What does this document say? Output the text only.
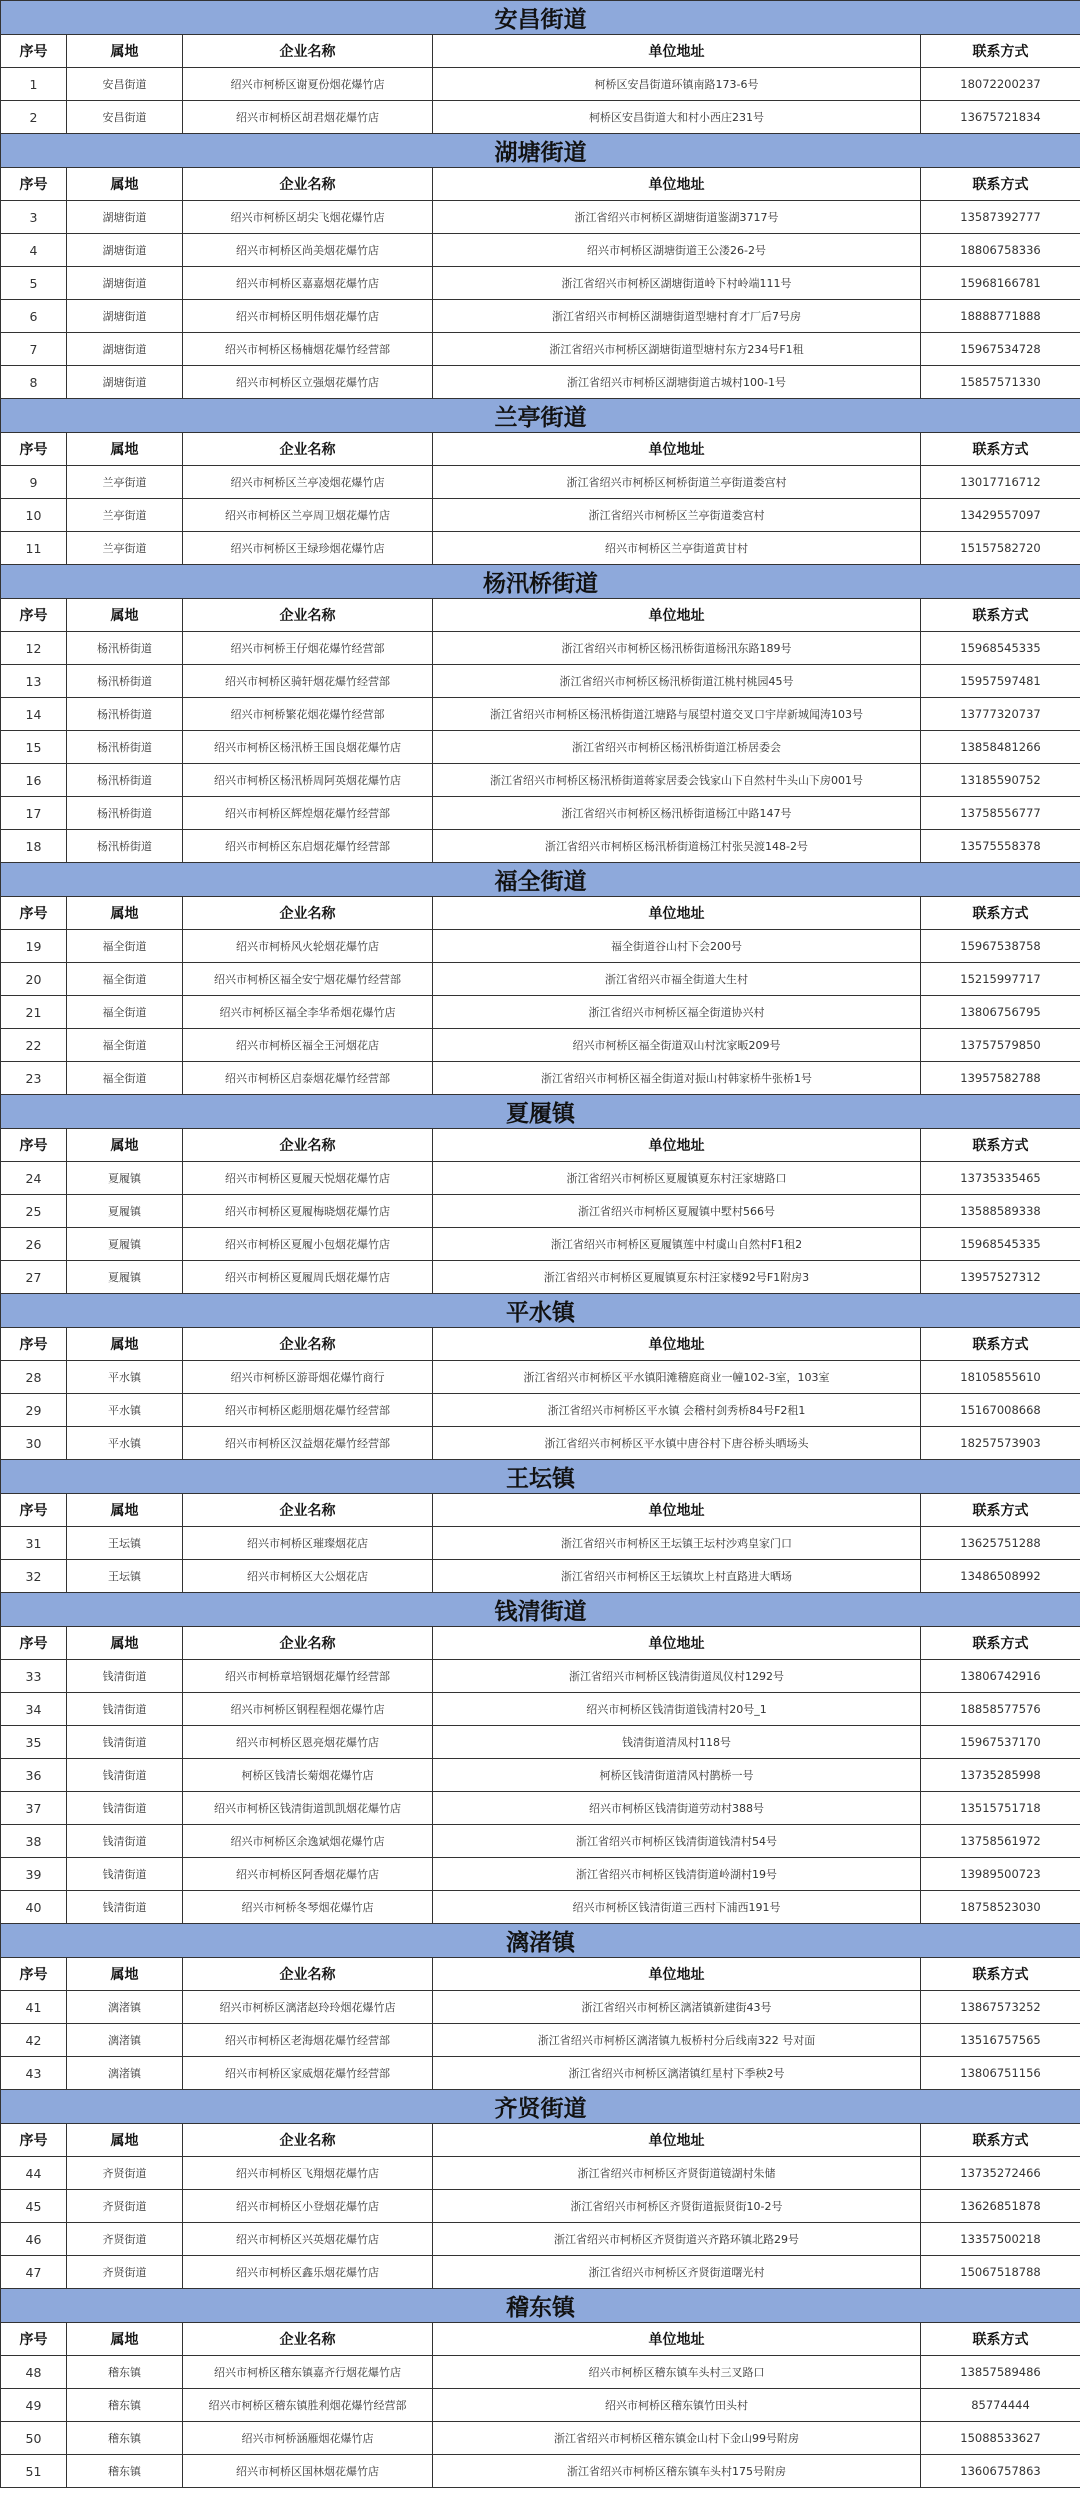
安昌街道				
序号	属地	企业名称	单位地址	联系方式
1	安昌街道	绍兴市柯桥区谢夏份烟花爆竹店	柯桥区安昌街道环镇南路173-6号	18072200237
2	安昌街道	绍兴市柯桥区胡君烟花爆竹店	柯桥区安昌街道大和村小西庄231号	13675721834
湖塘街道				
序号	属地	企业名称	单位地址	联系方式
3	湖塘街道	绍兴市柯桥区胡尖飞烟花爆竹店	浙江省绍兴市柯桥区湖塘街道鉴湖3717号	13587392777
4	湖塘街道	绍兴市柯桥区尚美烟花爆竹店	绍兴市柯桥区湖塘街道王公溇26-2号	18806758336
5	湖塘街道	绍兴市柯桥区嘉嘉烟花爆竹店	浙江省绍兴市柯桥区湖塘街道岭下村岭端111号	15968166781
6	湖塘街道	绍兴市柯桥区明伟烟花爆竹店	浙江省绍兴市柯桥区湖塘街道型塘村育才厂后7号房	18888771888
7	湖塘街道	绍兴市柯桥区杨楠烟花爆竹经营部	浙江省绍兴市柯桥区湖塘街道型塘村东方234号F1租	15967534728
8	湖塘街道	绍兴市柯桥区立强烟花爆竹店	浙江省绍兴市柯桥区湖塘街道古城村100-1号	15857571330
兰亭街道				
序号	属地	企业名称	单位地址	联系方式
9	兰亭街道	绍兴市柯桥区兰亭凌烟花爆竹店	浙江省绍兴市柯桥区柯桥街道兰亭街道娄宫村	13017716712
10	兰亭街道	绍兴市柯桥区兰亭周卫烟花爆竹店	浙江省绍兴市柯桥区兰亭街道娄宫村	13429557097
11	兰亭街道	绍兴市柯桥区王绿珍烟花爆竹店	绍兴市柯桥区兰亭街道黄甘村	15157582720
杨汛桥街道				
序号	属地	企业名称	单位地址	联系方式
12	杨汛桥街道	绍兴市柯桥王仔烟花爆竹经营部	浙江省绍兴市柯桥区杨汛桥街道杨汛东路189号	15968545335
13	杨汛桥街道	绍兴市柯桥区骑轩烟花爆竹经营部	浙江省绍兴市柯桥区杨汛桥街道江桃村桃园45号	15957597481
14	杨汛桥街道	绍兴市柯桥繁花烟花爆竹经营部	浙江省绍兴市柯桥区杨汛桥街道江塘路与展望村道交叉口宇岸新城闻涛103号	13777320737
15	杨汛桥街道	绍兴市柯桥区杨汛桥王国良烟花爆竹店	浙江省绍兴市柯桥区杨汛桥街道江桥居委会	13858481266
16	杨汛桥街道	绍兴市柯桥区杨汛桥周阿英烟花爆竹店	浙江省绍兴市柯桥区杨汛桥街道蒋家居委会钱家山下自然村牛头山下房001号	13185590752
17	杨汛桥街道	绍兴市柯桥区辉煌烟花爆竹经营部	浙江省绍兴市柯桥区杨汛桥街道杨江中路147号	13758556777
18	杨汛桥街道	绍兴市柯桥区东启烟花爆竹经营部	浙江省绍兴市柯桥区杨汛桥街道杨江村张吴渡148-2号	13575558378
福全街道				
序号	属地	企业名称	单位地址	联系方式
19	福全街道	绍兴市柯桥风火轮烟花爆竹店	福全街道谷山村下会200号	15967538758
20	福全街道	绍兴市柯桥区福全安宁烟花爆竹经营部	浙江省绍兴市福全街道大生村	15215997717
21	福全街道	绍兴市柯桥区福全李华希烟花爆竹店	浙江省绍兴市柯桥区福全街道协兴村	13806756795
22	福全街道	绍兴市柯桥区福全王河烟花店	绍兴市柯桥区福全街道双山村沈家畈209号	13757579850
23	福全街道	绍兴市柯桥区启泰烟花爆竹经营部	浙江省绍兴市柯桥区福全街道对振山村韩家桥牛张桥1号	13957582788
夏履镇				
序号	属地	企业名称	单位地址	联系方式
24	夏履镇	绍兴市柯桥区夏履天悦烟花爆竹店	浙江省绍兴市柯桥区夏履镇夏东村汪家塘路口	13735335465
25	夏履镇	绍兴市柯桥区夏履梅晓烟花爆竹店	浙江省绍兴市柯桥区夏履镇中墅村566号	13588589338
26	夏履镇	绍兴市柯桥区夏履小包烟花爆竹店	浙江省绍兴市柯桥区夏履镇莲中村虞山自然村F1租2	15968545335
27	夏履镇	绍兴市柯桥区夏履周氏烟花爆竹店	浙江省绍兴市柯桥区夏履镇夏东村汪家楼92号F1附房3	13957527312
平水镇				
序号	属地	企业名称	单位地址	联系方式
28	平水镇	绍兴市柯桥区游哥烟花爆竹商行	浙江省绍兴市柯桥区平水镇阳滩稽庭商业一幢102-3室，103室	18105855610
29	平水镇	绍兴市柯桥区彪朋烟花爆竹经营部	浙江省绍兴市柯桥区平水镇 会稽村剑秀桥84号F2租1	15167008668
30	平水镇	绍兴市柯桥区汉益烟花爆竹经营部	浙江省绍兴市柯桥区平水镇中唐谷村下唐谷桥头晒场头	18257573903
王坛镇				
序号	属地	企业名称	单位地址	联系方式
31	王坛镇	绍兴市柯桥区璀璨烟花店	浙江省绍兴市柯桥区王坛镇王坛村沙鸡皇家门口	13625751288
32	王坛镇	绍兴市柯桥区大公烟花店	浙江省绍兴市柯桥区王坛镇坎上村直路进大晒场	13486508992
钱清街道				
序号	属地	企业名称	单位地址	联系方式
33	钱清街道	绍兴市柯桥章培钢烟花爆竹经营部	浙江省绍兴市柯桥区钱清街道凤仪村1292号	13806742916
34	钱清街道	绍兴市柯桥区钢程程烟花爆竹店	绍兴市柯桥区钱清街道钱清村20号_1	18858577576
35	钱清街道	绍兴市柯桥区恩亮烟花爆竹店	钱清街道清凤村118号	15967537170
36	钱清街道	柯桥区钱清长菊烟花爆竹店	柯桥区钱清街道清风村鹊桥一号	13735285998
37	钱清街道	绍兴市柯桥区钱清街道凯凯烟花爆竹店	绍兴市柯桥区钱清街道劳动村388号	13515751718
38	钱清街道	绍兴市柯桥区余逸斌烟花爆竹店	浙江省绍兴市柯桥区钱清街道钱清村54号	13758561972
39	钱清街道	绍兴市柯桥区阿香烟花爆竹店	浙江省绍兴市柯桥区钱清街道岭湖村19号	13989500723
40	钱清街道	绍兴市柯桥冬琴烟花爆竹店	绍兴市柯桥区钱清街道三西村下浦西191号	18758523030
漓渚镇				
序号	属地	企业名称	单位地址	联系方式
41	漓渚镇	绍兴市柯桥区漓渚赵玲玲烟花爆竹店	浙江省绍兴市柯桥区漓渚镇新建街43号	13867573252
42	漓渚镇	绍兴市柯桥区老海烟花爆竹经营部	浙江省绍兴市柯桥区漓渚镇九板桥村分后线南322 号对面	13516757565
43	漓渚镇	绍兴市柯桥区家威烟花爆竹经营部	浙江省绍兴市柯桥区漓渚镇红星村下季秧2号	13806751156
齐贤街道				
序号	属地	企业名称	单位地址	联系方式
44	齐贤街道	绍兴市柯桥区飞翔烟花爆竹店	浙江省绍兴市柯桥区齐贤街道镜湖村朱储	13735272466
45	齐贤街道	绍兴市柯桥区小登烟花爆竹店	浙江省绍兴市柯桥区齐贤街道振贤街10-2号	13626851878
46	齐贤街道	绍兴市柯桥区兴英烟花爆竹店	浙江省绍兴市柯桥区齐贤街道兴齐路环镇北路29号	13357500218
47	齐贤街道	绍兴市柯桥区鑫乐烟花爆竹店	浙江省绍兴市柯桥区齐贤街道曙光村	15067518788
稽东镇				
序号	属地	企业名称	单位地址	联系方式
48	稽东镇	绍兴市柯桥区稽东镇嘉齐行烟花爆竹店	绍兴市柯桥区稽东镇车头村三叉路口	13857589486
49	稽东镇	绍兴市柯桥区稽东镇胜利烟花爆竹经营部	绍兴市柯桥区稽东镇竹田头村	85774444
50	稽东镇	绍兴市柯桥涵雁烟花爆竹店	浙江省绍兴市柯桥区稽东镇金山村下金山99号附房	15088533627
51	稽东镇	绍兴市柯桥区国林烟花爆竹店	浙江省绍兴市柯桥区稽东镇车头村175号附房	13606757863
